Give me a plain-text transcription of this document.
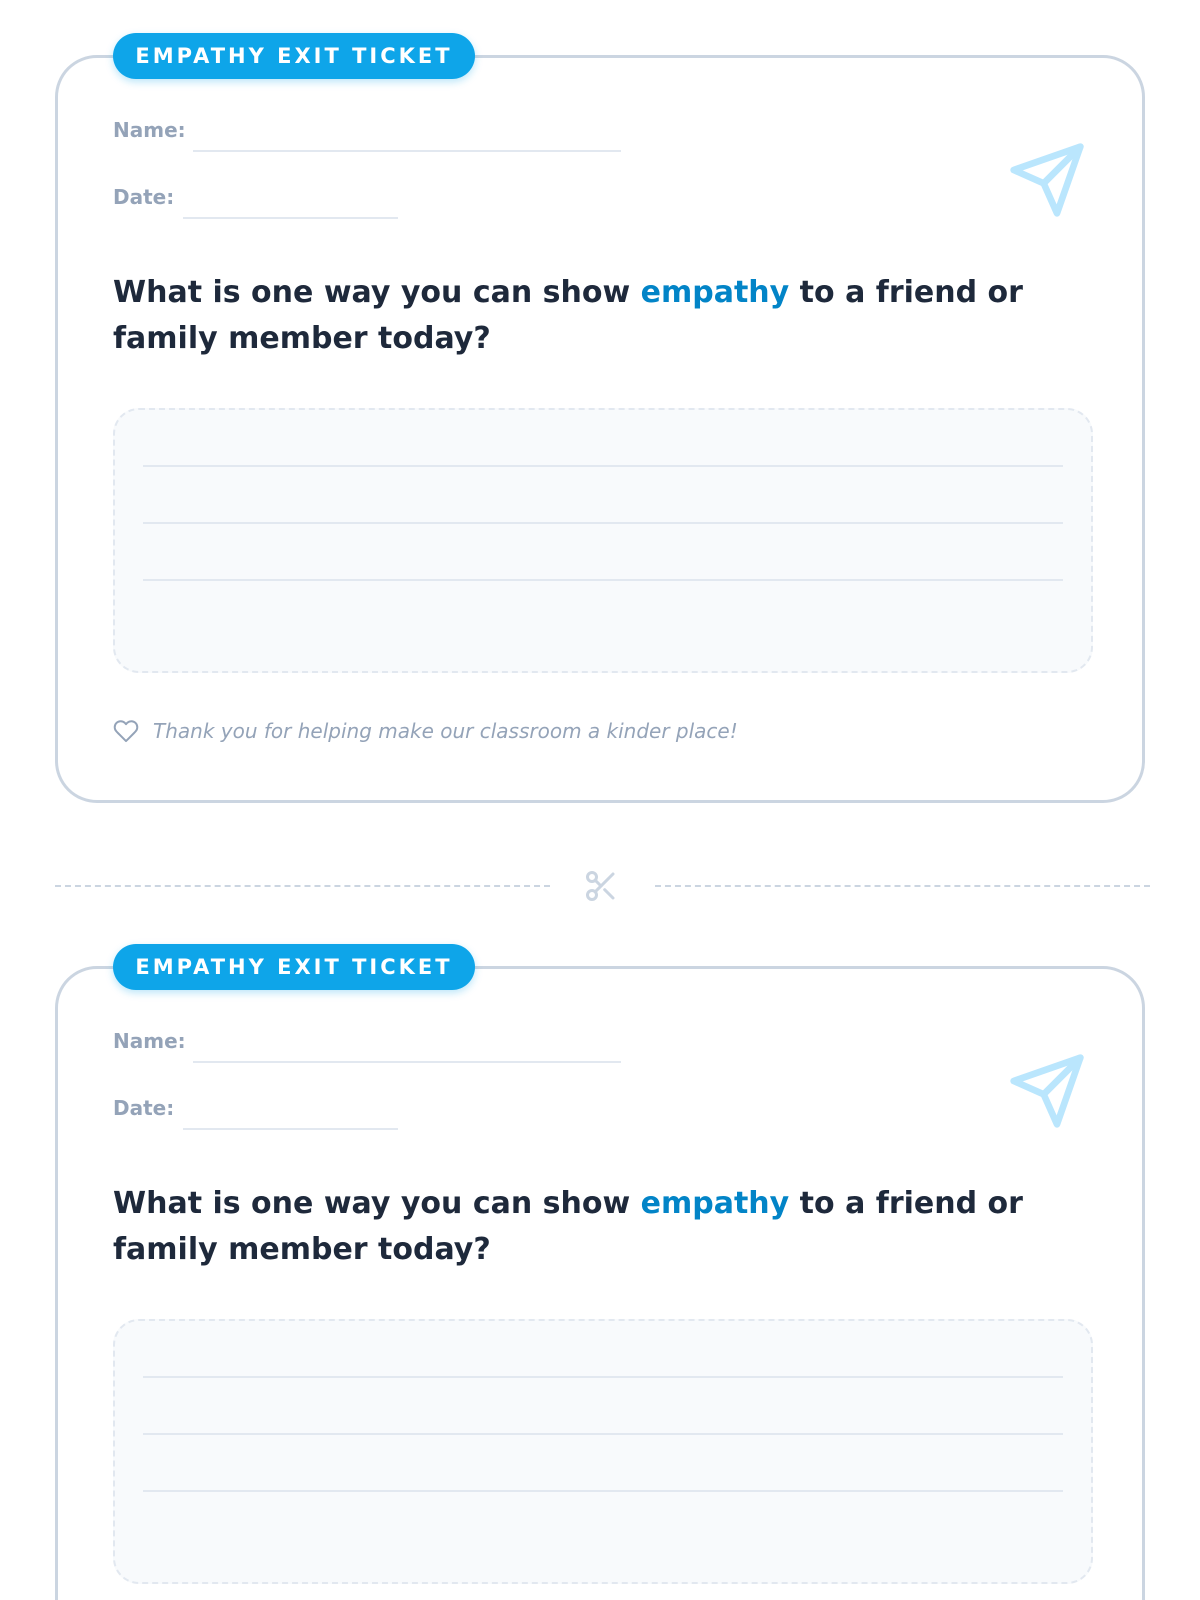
EMPATHY EXIT TICKET
Name:
Date:

What is one way you can show empathy to a friend or family member today?

Thank you for helping make our classroom a kinder place!
EMPATHY EXIT TICKET
Name:
Date:

What is one way you can show empathy to a friend or family member today?
